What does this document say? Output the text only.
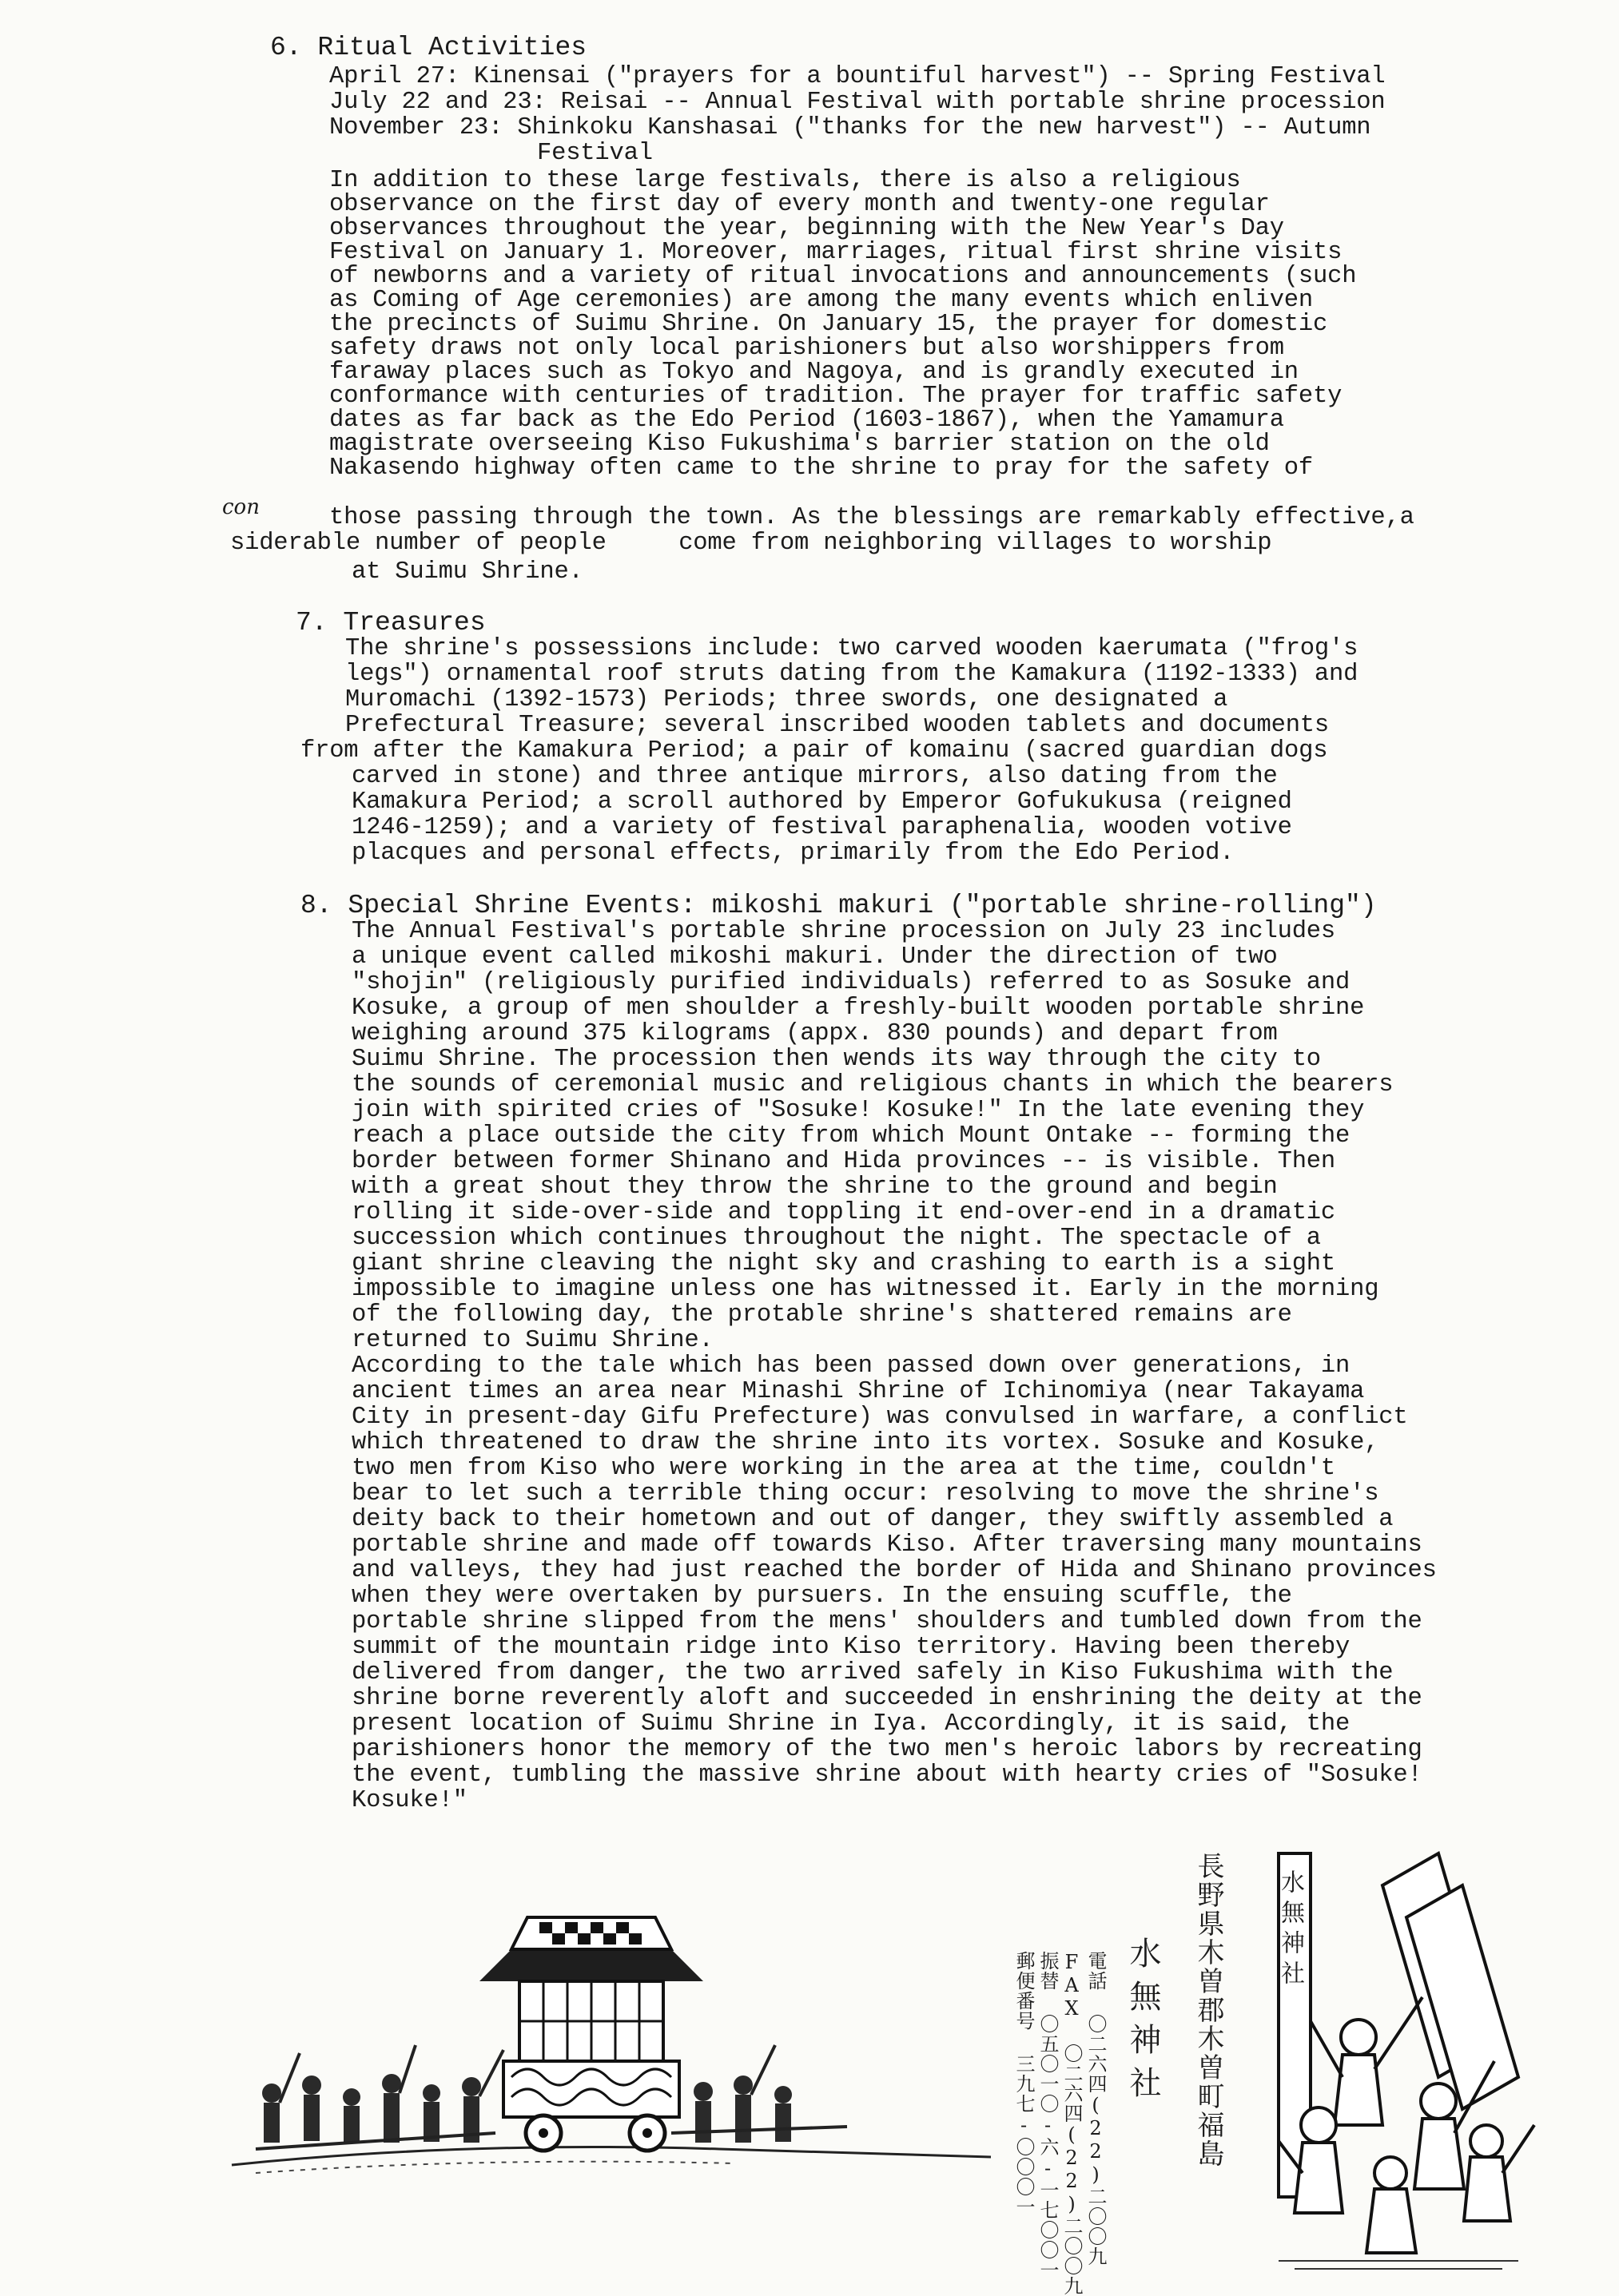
6. Ritual Activities
April 27: Kinensai ("prayers for a bountiful harvest") -- Spring Festival
July 22 and 23: Reisai -- Annual Festival with portable shrine procession
November 23: Shinkoku Kanshasai ("thanks for the new harvest") -- Autumn
Festival
In addition to these large festivals, there is also a religious
observance on the first day of every month and twenty-one regular
observances throughout the year, beginning with the New Year's Day
Festival on January 1. Moreover, marriages, ritual first shrine visits
of newborns and a variety of ritual invocations and announcements (such
as Coming of Age ceremonies) are among the many events which enliven
the precincts of Suimu Shrine. On January 15, the prayer for domestic
safety draws not only local parishioners but also worshippers from
faraway places such as Tokyo and Nagoya, and is grandly executed in
conformance with centuries of tradition. The prayer for traffic safety
dates as far back as the Edo Period (1603-1867), when the Yamamura
magistrate overseeing Kiso Fukushima's barrier station on the old
Nakasendo highway often came to the shrine to pray for the safety of
those passing through the town. As the blessings are remarkably effective,a
siderable number of people     come from neighboring villages to worship
at Suimu Shrine.
con
7. Treasures
The shrine's possessions include: two carved wooden kaerumata ("frog's
legs") ornamental roof struts dating from the Kamakura (1192-1333) and
Muromachi (1392-1573) Periods; three swords, one designated a
Prefectural Treasure; several inscribed wooden tablets and documents
from after the Kamakura Period; a pair of komainu (sacred guardian dogs
carved in stone) and three antique mirrors, also dating from the
Kamakura Period; a scroll authored by Emperor Gofukukusa (reigned
1246-1259); and a variety of festival paraphenalia, wooden votive
placques and personal effects, primarily from the Edo Period.
8. Special Shrine Events: mikoshi makuri ("portable shrine-rolling")
The Annual Festival's portable shrine procession on July 23 includes
a unique event called mikoshi makuri. Under the direction of two
"shojin" (religiously purified individuals) referred to as Sosuke and
Kosuke, a group of men shoulder a freshly-built wooden portable shrine
weighing around 375 kilograms (appx. 830 pounds) and depart from
Suimu Shrine. The procession then wends its way through the city to
the sounds of ceremonial music and religious chants in which the bearers
join with spirited cries of "Sosuke! Kosuke!" In the late evening they
reach a place outside the city from which Mount Ontake -- forming the
border between former Shinano and Hida provinces -- is visible. Then
with a great shout they throw the shrine to the ground and begin
rolling it side-over-side and toppling it end-over-end in a dramatic
succession which continues throughout the night. The spectacle of a
giant shrine cleaving the night sky and crashing to earth is a sight
impossible to imagine unless one has witnessed it. Early in the morning
of the following day, the protable shrine's shattered remains are
returned to Suimu Shrine.
According to the tale which has been passed down over generations, in
ancient times an area near Minashi Shrine of Ichinomiya (near Takayama
City in present-day Gifu Prefecture) was convulsed in warfare, a conflict
which threatened to draw the shrine into its vortex. Sosuke and Kosuke,
two men from Kiso who were working in the area at the time, couldn't
bear to let such a terrible thing occur: resolving to move the shrine's
deity back to their hometown and out of danger, they swiftly assembled a
portable shrine and made off towards Kiso. After traversing many mountains
and valleys, they had just reached the border of Hida and Shinano provinces
when they were overtaken by pursuers. In the ensuing scuffle, the
portable shrine slipped from the mens' shoulders and tumbled down from the
summit of the mountain ridge into Kiso territory. Having been thereby
delivered from danger, the two arrived safely in Kiso Fukushima with the
shrine borne reverently aloft and succeeded in enshrining the deity at the
present location of Suimu Shrine in Iya. Accordingly, it is said, the
parishioners honor the memory of the two men's heroic labors by recreating
the event, tumbling the massive shrine about with hearty cries of "Sosuke!
Kosuke!"
長野県木曽郡木曽町福島
水無神社
電話 〇二六四(22)二〇〇九
FAX 〇二六四(22)二〇〇九
振替 〇五〇一〇-六-一七〇〇一
郵便番号 三九七-〇〇〇一
水無神社
